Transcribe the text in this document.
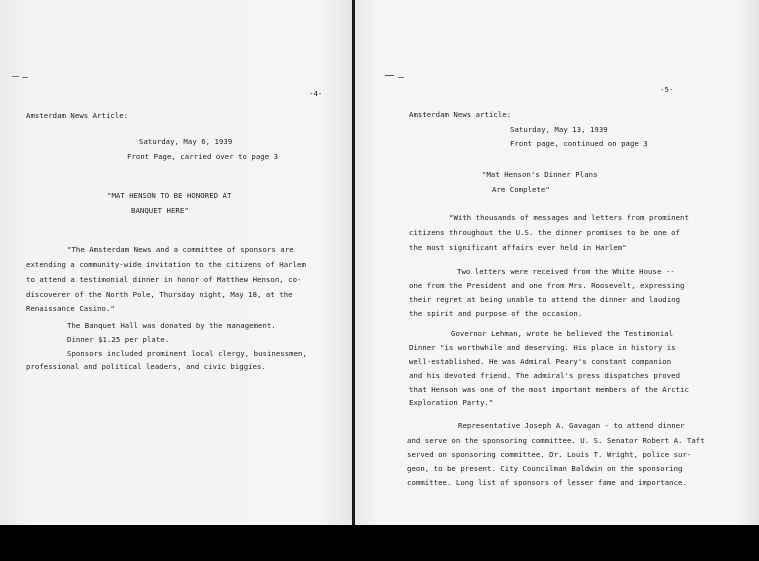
-4-
Amsterdam News Article:
Saturday, May 6, 1939
Front Page, carried over to page 3
"MAT HENSON TO BE HONORED AT
BANQUET HERE"
"The Amsterdam News and a committee of sponsors are
extending a community-wide invitation to the citizens of Harlem
to attend a testimonial dinner in honor of Matthew Henson, co-
discoverer of the North Pole, Thursday night, May 18, at the
Renaissance Casino."
The Banquet Hall was donated by the management.
Dinner $1.25 per plate.
Sponsors included prominent local clergy, businessmen,
professional and political leaders, and civic biggies.
-5-
Amsterdam News article:
Saturday, May 13, 1939
Front page, continued on page 3
"Mat Henson's Dinner Plans
Are Complete"
"With thousands of messages and letters from prominent
citizens throughout the U.S. the dinner promises to be one of
the most significant affairs ever held in Harlem"
Two letters were received from the White House --
one from the President and one from Mrs. Roosevelt, expressing
their regret at being unable to attend the dinner and lauding
the spirit and purpose of the occasion.
Governor Lehman, wrote he believed the Testimonial
Dinner "is worthwhile and deserving. His place in history is
well-established. He was Admiral Peary's constant companion
and his devoted friend. The admiral's press dispatches proved
that Henson was one of the most important members of the Arctic
Exploration Party."
Representative Joseph A. Gavagan - to attend dinner
and serve on the sponsoring committee. U. S. Senator Robert A. Taft
served on sponsoring committee. Dr. Louis T. Wright, police sur-
geon, to be present. City Councilman Baldwin on the sponsoring
committee. Long list of sponsors of lesser fame and importance.
